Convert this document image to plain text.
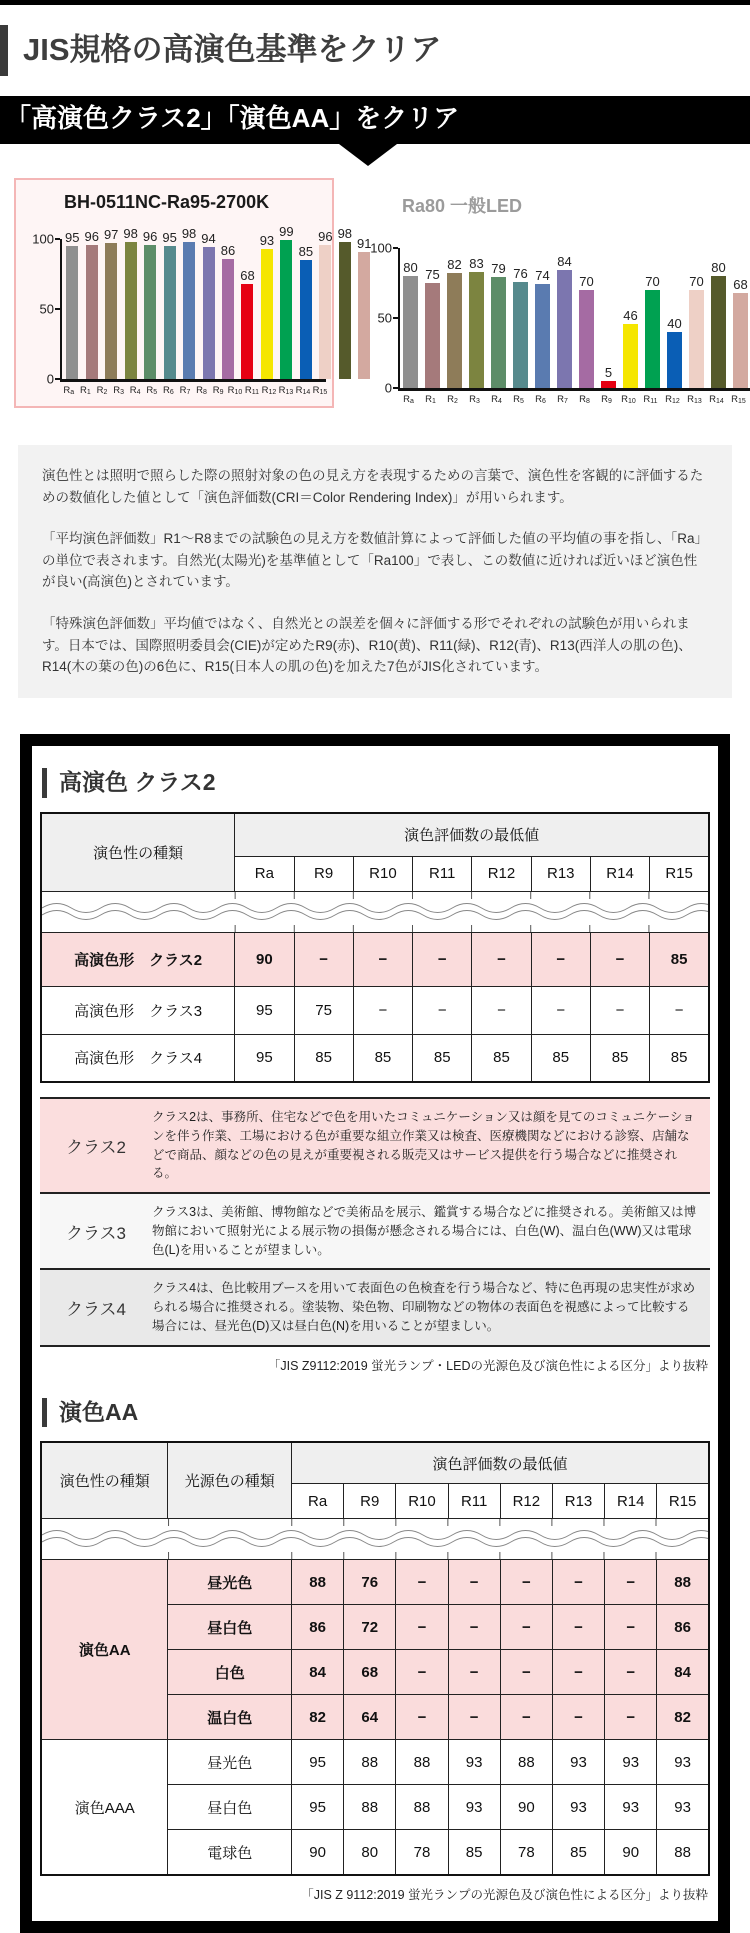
JIS規格の高演色基準をクリア
「高演色クラス2」「演色AA」をクリア
BH-0511NC-Ra95-2700K
100
50
0
95 96 97 98 96 95 98 94
86
68
93
99
85
96 98
91
R a R 1 R 2 R 3 R 4 R 5 R 6 R 7 R 8 R 9 R 10 R 11 R 12 R 13 R 14 R 15
Ra80 一般LED
100
50
0
80 75
82 83 79 76 74
84
70
5
46
70
40
70
80
68
R a R 1 R 2 R 3 R 4 R 5 R 6 R 7 R 8 R 9 R 10 R 11 R 12 R 13 R 14 R 15

演色性とは照明で照らした際の照射対象の色の見え方を表現するための言葉で、演色性を客観的に評価するための数値化した値として「演色評価数(CRI＝Color Rendering Index)」が用いられます。

「平均演色評価数」R1〜R8までの試験色の見え方を数値計算によって評価した値の平均値の事を指し、「Ra」の単位で表されます。自然光(太陽光)を基準値として「Ra100」で表し、この数値に近ければ近いほど演色性が良い(高演色)とされています。

「特殊演色評価数」平均値ではなく、自然光との誤差を個々に評価する形でそれぞれの試験色が用いられます。日本では、国際照明委員会(CIE)が定めたR9(赤)、R10(黄)、R11(緑)、R12(青)、R13(西洋人の肌の色)、R14(木の葉の色)の6色に、R15(日本人の肌の色)を加えた7色がJIS化されています。

高演色 クラス2
演色性の種類	演色評価数の最低値							
	Ra	R9	R10	R11	R12	R13	R14	R15

高演色形　クラス2	90	−	−	−	−	−	−	85
高演色形　クラス3	95	75	−	−	−	−	−	−
高演色形　クラス4	95	85	85	85	85	85	85	85
クラス2
クラス2は、事務所、住宅などで色を用いたコミュニケーション又は顔を見てのコミュニケーションを伴う作業、工場における色が重要な組立作業又は検査、医療機関などにおける診察、店舗などで商品、顔などの色の見えが重要視される販売又はサービス提供を行う場合などに推奨される。
クラス3
クラス3は、美術館、博物館などで美術品を展示、鑑賞する場合などに推奨される。美術館又は博物館において照射光による展示物の損傷が懸念される場合には、白色(W)、温白色(WW)又は電球色(L)を用いることが望ましい。
クラス4
クラス4は、色比較用ブースを用いて表面色の色検査を行う場合など、特に色再現の忠実性が求められる場合に推奨される。塗装物、染色物、印刷物などの物体の表面色を視感によって比較する場合には、昼光色(D)又は昼白色(N)を用いることが望ましい。
「JIS Z9112:2019 蛍光ランプ・LEDの光源色及び演色性による区分」より抜粋
演色AA
演色性の種類	光源色の種類	演色評価数の最低値							
		Ra	R9	R10	R11	R12	R13	R14	R15

演色AA	昼光色	88	76	−	−	−	−	−	88
	昼白色	86	72	−	−	−	−	−	86
	白色	84	68	−	−	−	−	−	84
	温白色	82	64	−	−	−	−	−	82
演色AAA	昼光色	95	88	88	93	88	93	93	93
	昼白色	95	88	88	93	90	93	93	93
	電球色	90	80	78	85	78	85	90	88
「JIS Z 9112:2019 蛍光ランプの光源色及び演色性による区分」より抜粋
